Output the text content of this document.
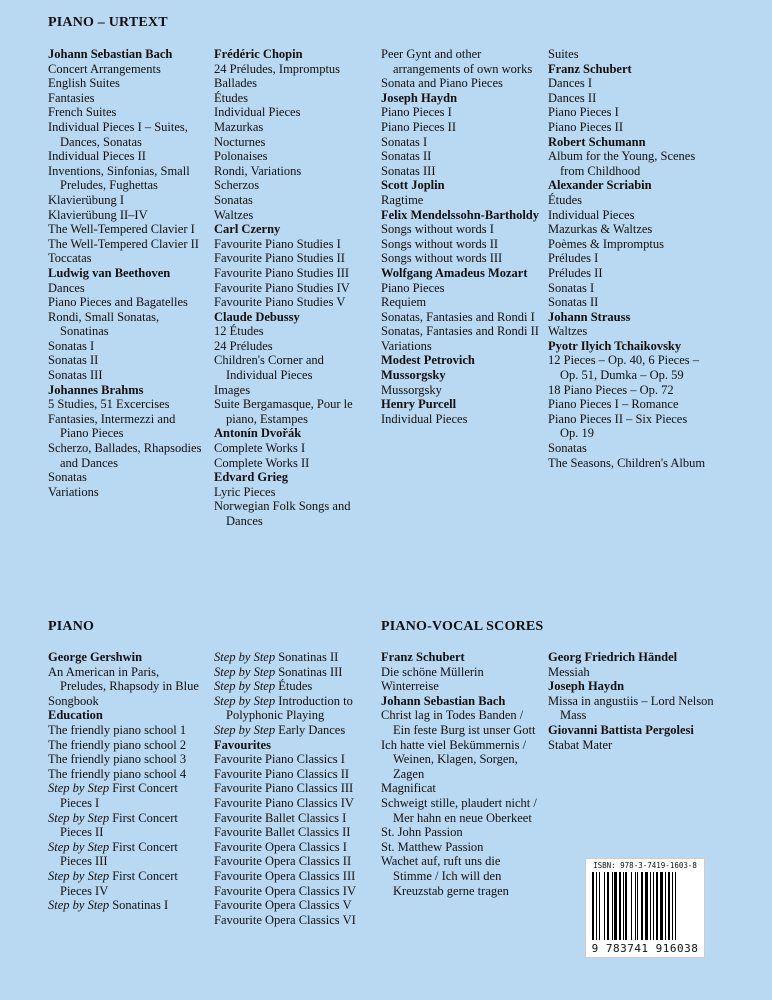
PIANO – URTEXT
PIANO	PIANO-VOCAL SCORES
Johann Sebastian Bach
Concert Arrangements
English Suites
Fantasies
French Suites
Individual Pieces I – Suites, Dances, Sonatas
Individual Pieces II
Inventions, Sinfonias, Small Preludes, Fughettas
Klavierübung I
Klavierübung II–IV
The Well-Tempered Clavier I
The Well-Tempered Clavier II
Toccatas
Ludwig van Beethoven
Dances
Piano Pieces and Bagatelles
Rondi, Small Sonatas, Sonatinas
Sonatas I
Sonatas II
Sonatas III
Johannes Brahms
5 Studies, 51 Excercises
Fantasies, Intermezzi and Piano Pieces
Scherzo, Ballades, Rhapsodies and Dances
Sonatas
Variations
Frédéric Chopin
24 Préludes, Impromptus
Ballades
Études
Individual Pieces
Mazurkas
Nocturnes
Polonaises
Rondi, Variations
Scherzos
Sonatas
Waltzes
Carl Czerny
Favourite Piano Studies I
Favourite Piano Studies II
Favourite Piano Studies III
Favourite Piano Studies IV
Favourite Piano Studies V
Claude Debussy
12 Études
24 Préludes
Children's Corner and Individual Pieces
Images
Suite Bergamasque, Pour le piano, Estampes
Antonín Dvořák
Complete Works I
Complete Works II
Edvard Grieg
Lyric Pieces
Norwegian Folk Songs and Dances
Peer Gynt and other arrangements of own works
Sonata and Piano Pieces
Joseph Haydn
Piano Pieces I
Piano Pieces II
Sonatas I
Sonatas II
Sonatas III
Scott Joplin
Ragtime
Felix Mendelssohn-Bartholdy
Songs without words I
Songs without words II
Songs without words III
Wolfgang Amadeus Mozart
Piano Pieces
Requiem
Sonatas, Fantasies and Rondi I
Sonatas, Fantasies and Rondi II
Variations
Modest Petrovich Mussorgsky
Mussorgsky
Henry Purcell
Individual Pieces
Suites
Franz Schubert
Dances I
Dances II
Piano Pieces I
Piano Pieces II
Robert Schumann
Album for the Young, Scenes from Childhood
Alexander Scriabin
Études
Individual Pieces
Mazurkas & Waltzes
Poèmes & Impromptus
Préludes I
Préludes II
Sonatas I
Sonatas II
Johann Strauss
Waltzes
Pyotr Ilyich Tchaikovsky
12 Pieces – Op. 40, 6 Pieces – Op. 51, Dumka – Op. 59
18 Piano Pieces – Op. 72
Piano Pieces I – Romance
Piano Pieces II – Six Pieces Op. 19
Sonatas
The Seasons, Children's Album
George Gershwin
An American in Paris, Preludes, Rhapsody in Blue
Songbook
Education
The friendly piano school 1
The friendly piano school 2
The friendly piano school 3
The friendly piano school 4
Step by Step First Concert Pieces I
Step by Step First Concert Pieces II
Step by Step First Concert Pieces III
Step by Step First Concert Pieces IV
Step by Step Sonatinas I
Step by Step Sonatinas II
Step by Step Sonatinas III
Step by Step Études
Step by Step Introduction to Polyphonic Playing
Step by Step Early Dances
Favourites
Favourite Piano Classics I
Favourite Piano Classics II
Favourite Piano Classics III
Favourite Piano Classics IV
Favourite Ballet Classics I
Favourite Ballet Classics II
Favourite Opera Classics I
Favourite Opera Classics II
Favourite Opera Classics III
Favourite Opera Classics IV
Favourite Opera Classics V
Favourite Opera Classics VI
Franz Schubert
Die schöne Müllerin
Winterreise
Johann Sebastian Bach
Christ lag in Todes Banden / Ein feste Burg ist unser Gott
Ich hatte viel Bekümmernis / Weinen, Klagen, Sorgen, Zagen
Magnificat
Schweigt stille, plaudert nicht / Mer hahn en neue Oberkeet
St. John Passion
St. Matthew Passion
Wachet auf, ruft uns die Stimme / Ich will den Kreuzstab gerne tragen
Georg Friedrich Händel
Messiah
Joseph Haydn
Missa in angustiis – Lord Nelson Mass
Giovanni Battista Pergolesi
Stabat Mater
ISBN: 978-3-7419-1603-8
9 783741 916038
